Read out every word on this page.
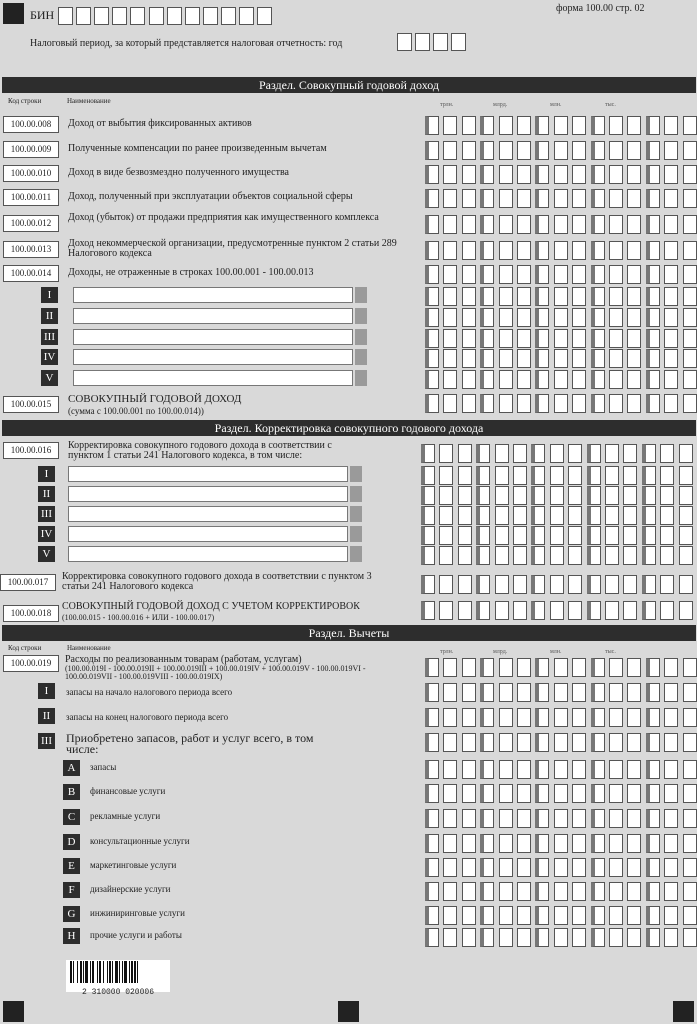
БИН	форма 100.00 стр. 02
Налоговый период, за который представляется налоговая отчетность: год
Раздел. Совокупный годовой доход
Код строки	Наименование	трлн.	млрд.	млн.	тыс.
100.00.008	Доход от выбытия фиксированных активов
100.00.009	Полученные компенсации по ранее произведенным вычетам
100.00.010	Доход в виде безвозмездно полученного имущества
100.00.011	Доход, полученный при эксплуатации объектов социальной сферы
100.00.012	Доход (убыток) от продажи предприятия как имущественного комплекса
100.00.013	Доход некоммерческой организации, предусмотренные пунктом 2 статьи 289 Налогового кодекса
100.00.014	Доходы, не отраженные в строках 100.00.001 - 100.00.013
I
II
III
IV
V
100.00.015	СОВОКУПНЫЙ ГОДОВОЙ ДОХОД
(сумма с 100.00.001 по 100.00.014))
Раздел. Корректировка совокупного годового дохода
100.00.016	Корректировка совокупного годового дохода в соответствии с пунктом 1 статьи 241 Налогового кодекса, в том числе:
I
II
III
IV
V
100.00.017	Корректировка совокупного годового дохода в соответствии с пунктом 3 статьи 241 Налогового кодекса
100.00.018
СОВОКУПНЫЙ ГОДОВОЙ ДОХОД С УЧЕТОМ КОРРЕКТИРОВОК
(100.00.015 - 100.00.016 + ИЛИ - 100.00.017)
Раздел. Вычеты
Код строки	Наименование	трлн.	млрд.	млн.	тыс.
100.00.019	Расходы по реализованным товарам (работам, услугам)
(100.00.019I - 100.00.019II + 100.00.019III + 100.00.019IV + 100.00.019V - 100.00.019VI - 100.00.019VII - 100.00.019VIII - 100.00.019IX)
I	запасы на начало налогового периода всего
II	запасы на конец налогового периода всего
III Приобретено запасов, работ и услуг всего, в том числе:
A	запасы
B	финансовые услуги
C	рекламные услуги
D	консультационные услуги
E	маркетинговые услуги
F	дизайнерские услуги
G	инжиниринговые услуги
H	прочие услуги и работы
2 310000 020006
